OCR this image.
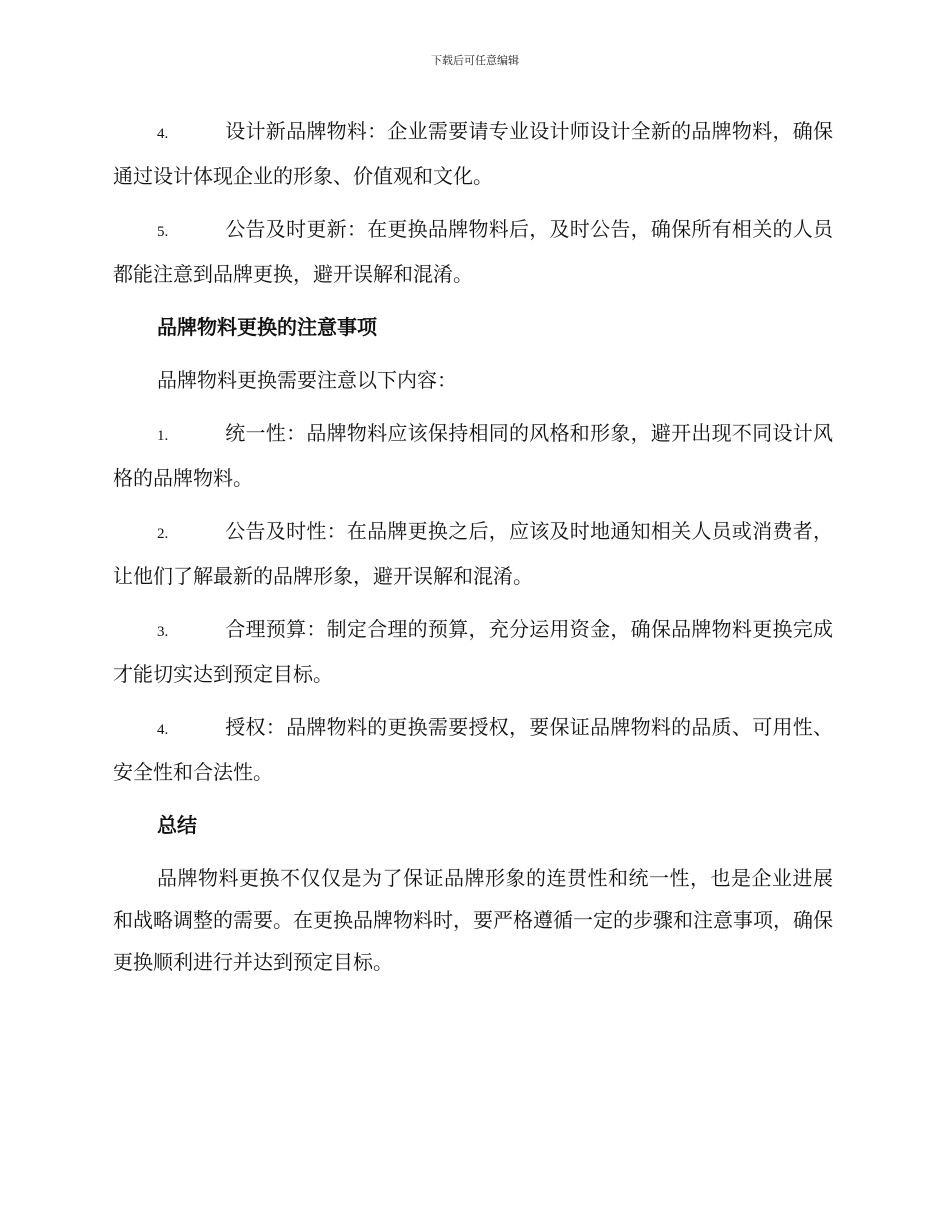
下载后可任意编辑

4.	设计新品牌物料：企业需要请专业设计师设计全新的品牌物料，确保通过设计体现企业的形象、价值观和文化。

5.	公告及时更新：在更换品牌物料后，及时公告，确保所有相关的人员都能注意到品牌更换，避开误解和混淆。

品牌物料更换的注意事项

品牌物料更换需要注意以下内容：

1.	统一性：品牌物料应该保持相同的风格和形象，避开出现不同设计风格的品牌物料。

2.	公告及时性：在品牌更换之后，应该及时地通知相关人员或消费者，让他们了解最新的品牌形象，避开误解和混淆。

3.	合理预算：制定合理的预算，充分运用资金，确保品牌物料更换完成才能切实达到预定目标。

4.	授权：品牌物料的更换需要授权，要保证品牌物料的品质、可用性、安全性和合法性。

总结

品牌物料更换不仅仅是为了保证品牌形象的连贯性和统一性，也是企业进展和战略调整的需要。在更换品牌物料时，要严格遵循一定的步骤和注意事项，确保更换顺利进行并达到预定目标。
